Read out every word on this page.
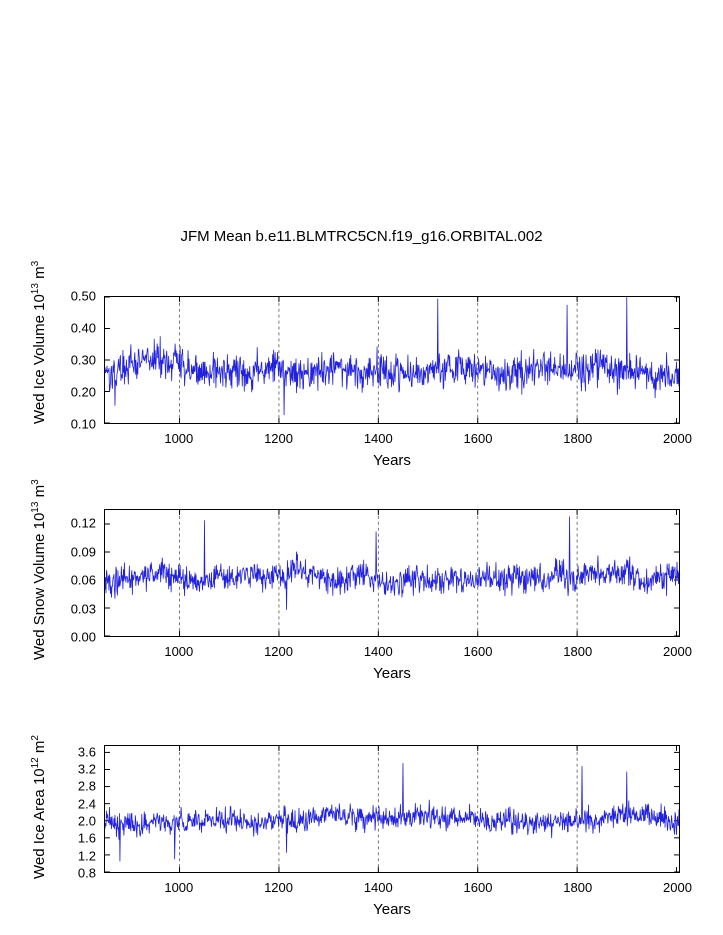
JFM Mean b.e11.BLMTRC5CN.f19_g16.ORBITAL.002
0.10
0.20
0.30
0.40
0.50
1000	1200	1400	1600	1800	2000
Wed Ice Volume $10^{13}$ $m^3$
Years
0.00
0.03
0.06
0.09
0.12
1000	1200	1400	1600	1800	2000
Wed Snow Volume $10^{13}$ $m^3$
Years
0.8
1.2
1.6
2.0
2.4
2.8
3.2
3.6
1000	1200	1400	1600	1800	2000
Wed Ice Area $10^{12}$ $m^2$
Years
